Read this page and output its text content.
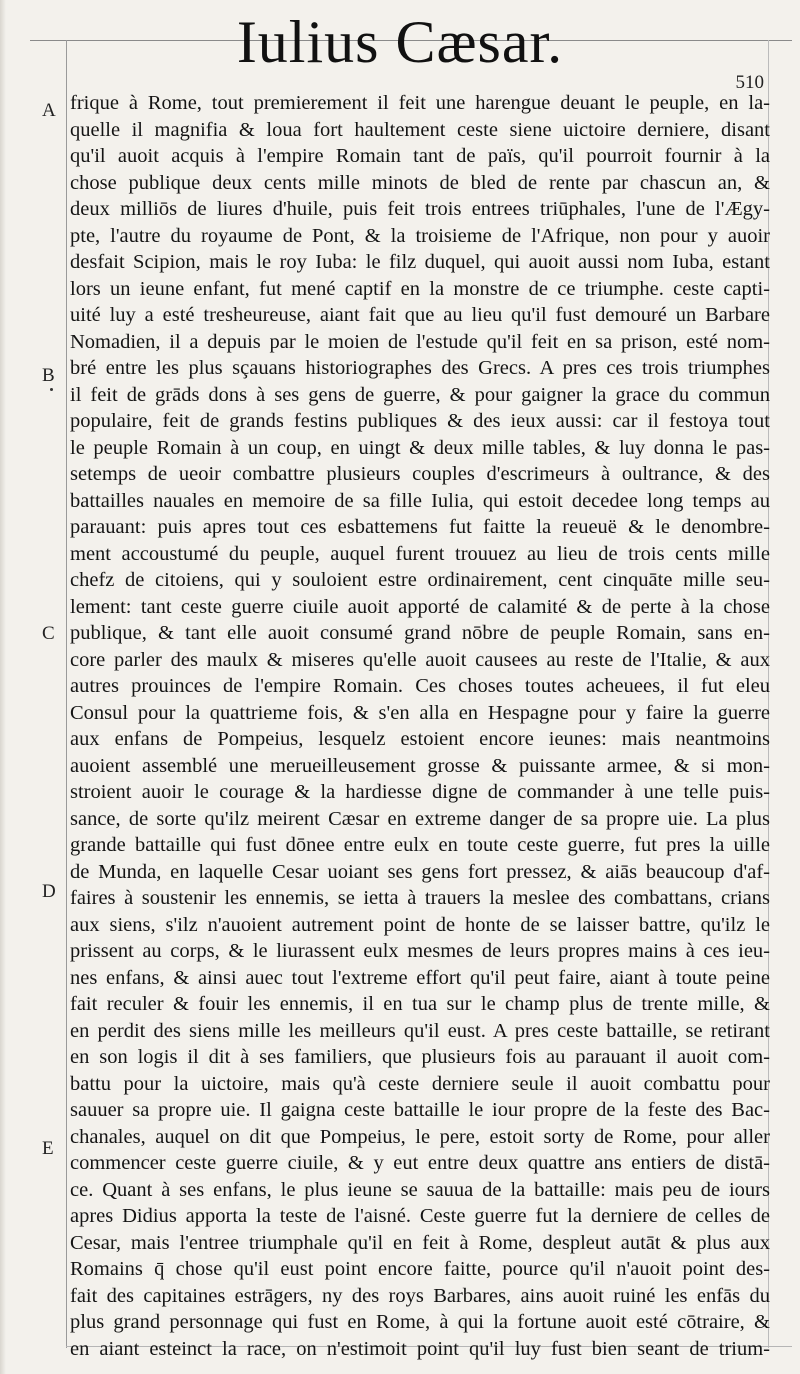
Iulius Cæsar.
510
A
B
C
D
E
frique à Rome, tout premierement il feit une harengue deuant le peuple, en la-
quelle il magnifia & loua fort haultement ceste siene uictoire derniere, disant
qu'il auoit acquis à l'empire Romain tant de païs, qu'il pourroit fournir à la
chose publique deux cents mille minots de bled de rente par chascun an, &
deux milliōs de liures d'huile, puis feit trois entrees triūphales, l'une de l'Ægy-
pte, l'autre du royaume de Pont, & la troisieme de l'Afrique, non pour y auoir
desfait Scipion, mais le roy Iuba: le filz duquel, qui auoit aussi nom Iuba, estant
lors un ieune enfant, fut mené captif en la monstre de ce triumphe. ceste capti-
uité luy a esté tresheureuse, aiant fait que au lieu qu'il fust demouré un Barbare
Nomadien, il a depuis par le moien de l'estude qu'il feit en sa prison, esté nom-
bré entre les plus sçauans historiographes des Grecs. A pres ces trois triumphes
il feit de grāds dons à ses gens de guerre, & pour gaigner la grace du commun
populaire, feit de grands festins publiques & des ieux aussi: car il festoya tout
le peuple Romain à un coup, en uingt & deux mille tables, & luy donna le pas-
setemps de ueoir combattre plusieurs couples d'escrimeurs à oultrance, & des
battailles nauales en memoire de sa fille Iulia, qui estoit decedee long temps au
parauant: puis apres tout ces esbattemens fut faitte la reueuë & le denombre-
ment accoustumé du peuple, auquel furent trouuez au lieu de trois cents mille
chefz de citoiens, qui y souloient estre ordinairement, cent cinquāte mille seu-
lement: tant ceste guerre ciuile auoit apporté de calamité & de perte à la chose
publique, & tant elle auoit consumé grand nōbre de peuple Romain, sans en-
core parler des maulx & miseres qu'elle auoit causees au reste de l'Italie, & aux
autres prouinces de l'empire Romain. Ces choses toutes acheuees, il fut eleu
Consul pour la quattrieme fois, & s'en alla en Hespagne pour y faire la guerre
aux enfans de Pompeius, lesquelz estoient encore ieunes: mais neantmoins
auoient assemblé une merueilleusement grosse & puissante armee, & si mon-
stroient auoir le courage & la hardiesse digne de commander à une telle puis-
sance, de sorte qu'ilz meirent Cæsar en extreme danger de sa propre uie. La plus
grande battaille qui fust dōnee entre eulx en toute ceste guerre, fut pres la uille
de Munda, en laquelle Cesar uoiant ses gens fort pressez, & aiās beaucoup d'af-
faires à soustenir les ennemis, se ietta à trauers la meslee des combattans, crians
aux siens, s'ilz n'auoient autrement point de honte de se laisser battre, qu'ilz le
prissent au corps, & le liurassent eulx mesmes de leurs propres mains à ces ieu-
nes enfans, & ainsi auec tout l'extreme effort qu'il peut faire, aiant à toute peine
fait reculer & fouir les ennemis, il en tua sur le champ plus de trente mille, &
en perdit des siens mille les meilleurs qu'il eust. A pres ceste battaille, se retirant
en son logis il dit à ses familiers, que plusieurs fois au parauant il auoit com-
battu pour la uictoire, mais qu'à ceste derniere seule il auoit combattu pour
sauuer sa propre uie. Il gaigna ceste battaille le iour propre de la feste des Bac-
chanales, auquel on dit que Pompeius, le pere, estoit sorty de Rome, pour aller
commencer ceste guerre ciuile, & y eut entre deux quattre ans entiers de distā-
ce. Quant à ses enfans, le plus ieune se sauua de la battaille: mais peu de iours
apres Didius apporta la teste de l'aisné. Ceste guerre fut la derniere de celles de
Cesar, mais l'entree triumphale qu'il en feit à Rome, despleut autāt & plus aux
Romains q̄ chose qu'il eust point encore faitte, pource qu'il n'auoit point des-
fait des capitaines estrāgers, ny des roys Barbares, ains auoit ruiné les enfās du
plus grand personnage qui fust en Rome, à qui la fortune auoit esté cōtraire, &
en aiant esteinct la race, on n'estimoit point qu'il luy fust bien seant de trium-
